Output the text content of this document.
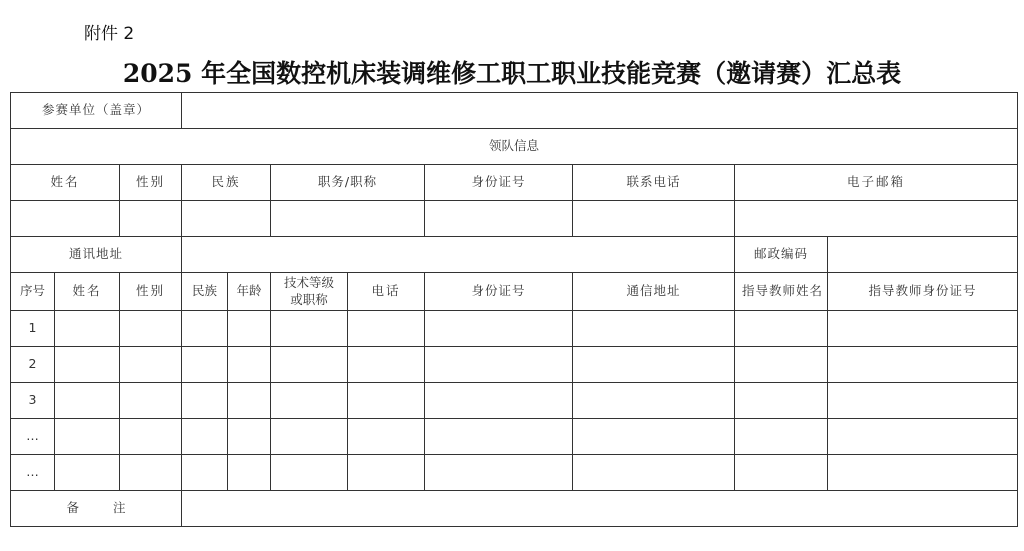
附件 2
2025 年全国数控机床装调维修工职工职业技能竞赛（邀请赛）汇总表
参赛单位（盖章）										
领队信息										
姓名		性别	民族		职务/职称		身份证号	联系电话	电子邮箱	

通讯地址									邮政编码	
序号	姓名	性别	民族	年龄	技术等级
或职称	电话	身份证号	通信地址	指导教师姓名	指导教师身份证号
1										
2										
3										
…										
…										
备 注										
